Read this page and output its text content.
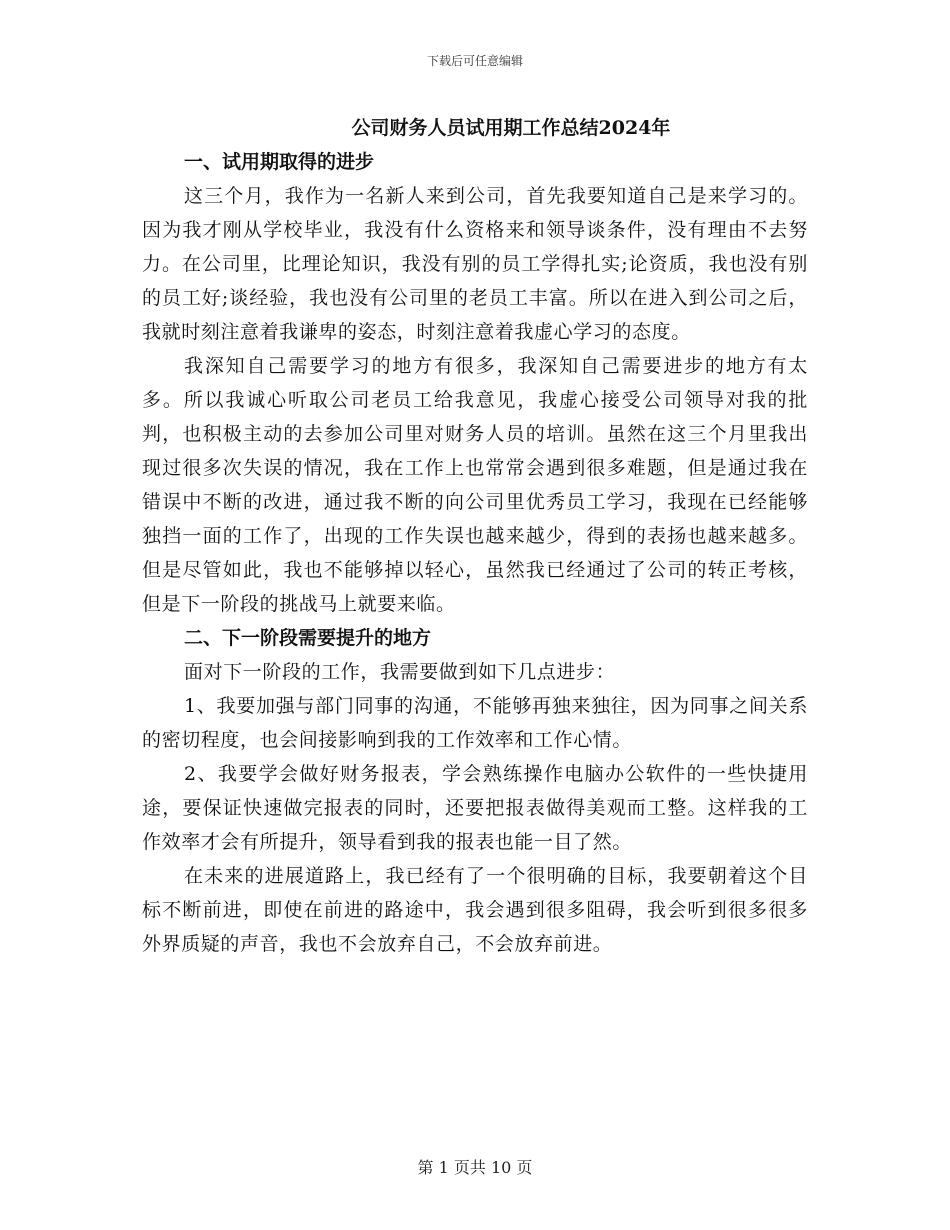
下载后可任意编辑
公司财务人员试用期工作总结2024年
一、试用期取得的进步

这三个月，我作为一名新人来到公司，首先我要知道自己是来学习的。因为我才刚从学校毕业，我没有什么资格来和领导谈条件，没有理由不去努力。在公司里，比理论知识，我没有别的员工学得扎实;论资质，我也没有别的员工好;谈经验，我也没有公司里的老员工丰富。所以在进入到公司之后，我就时刻注意着我谦卑的姿态，时刻注意着我虚心学习的态度。

我深知自己需要学习的地方有很多，我深知自己需要进步的地方有太多。所以我诚心听取公司老员工给我意见，我虚心接受公司领导对我的批判，也积极主动的去参加公司里对财务人员的培训。虽然在这三个月里我出现过很多次失误的情况，我在工作上也常常会遇到很多难题，但是通过我在错误中不断的改进，通过我不断的向公司里优秀员工学习，我现在已经能够独挡一面的工作了，出现的工作失误也越来越少，得到的表扬也越来越多。但是尽管如此，我也不能够掉以轻心，虽然我已经通过了公司的转正考核，但是下一阶段的挑战马上就要来临。

二、下一阶段需要提升的地方

面对下一阶段的工作，我需要做到如下几点进步：

1、我要加强与部门同事的沟通，不能够再独来独往，因为同事之间关系的密切程度，也会间接影响到我的工作效率和工作心情。

2、我要学会做好财务报表，学会熟练操作电脑办公软件的一些快捷用途，要保证快速做完报表的同时，还要把报表做得美观而工整。这样我的工作效率才会有所提升，领导看到我的报表也能一目了然。

在未来的进展道路上，我已经有了一个很明确的目标，我要朝着这个目标不断前进，即使在前进的路途中，我会遇到很多阻碍，我会听到很多很多外界质疑的声音，我也不会放弃自己，不会放弃前进。

第 1 页共 10 页
